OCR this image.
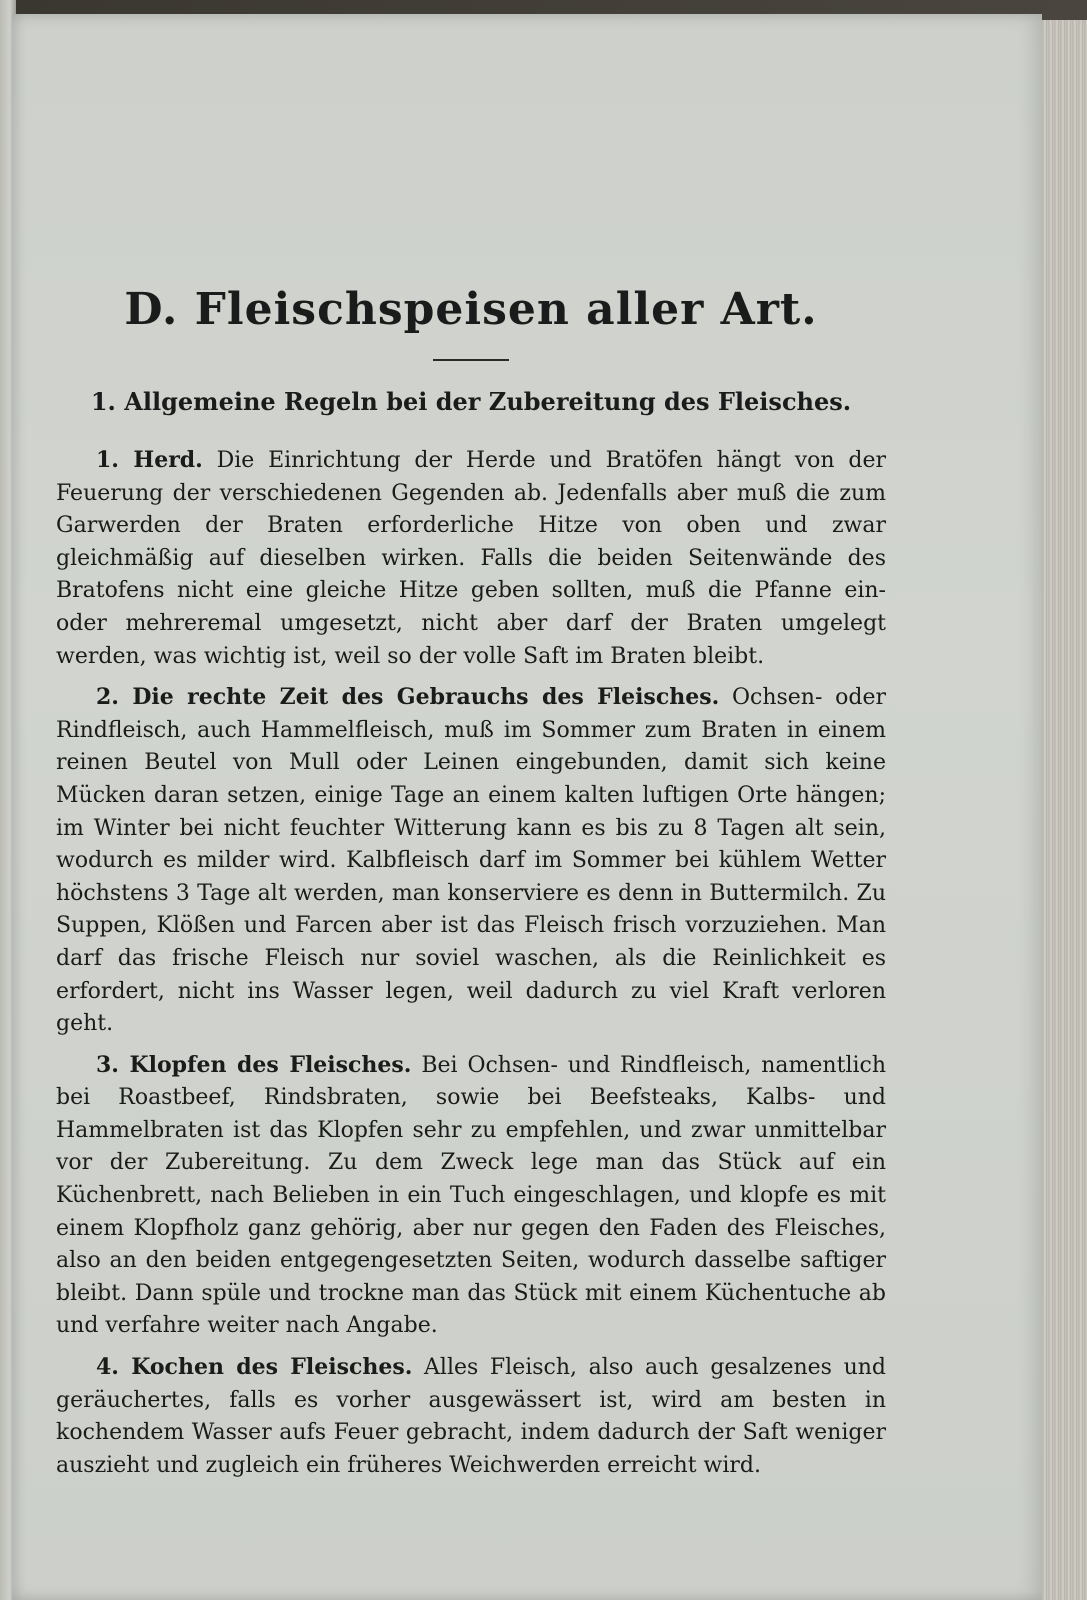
D. Fleischspeisen aller Art.
1. Allgemeine Regeln bei der Zubereitung des Fleisches.

1. Herd. Die Einrichtung der Herde und Bratöfen hängt von der Feuerung der verschiedenen Gegenden ab. Jedenfalls aber muß die zum Garwerden der Braten erforderliche Hitze von oben und zwar gleichmäßig auf dieselben wirken. Falls die beiden Seitenwände des Bratofens nicht eine gleiche Hitze geben sollten, muß die Pfanne ein- oder mehreremal umgesetzt, nicht aber darf der Braten umgelegt werden, was wichtig ist, weil so der volle Saft im Braten bleibt.

2. Die rechte Zeit des Gebrauchs des Fleisches. Ochsen- oder Rindfleisch, auch Hammelfleisch, muß im Sommer zum Braten in einem reinen Beutel von Mull oder Leinen eingebunden, damit sich keine Mücken daran setzen, einige Tage an einem kalten luftigen Orte hängen; im Winter bei nicht feuchter Witterung kann es bis zu 8 Tagen alt sein, wodurch es milder wird. Kalbfleisch darf im Sommer bei kühlem Wetter höchstens 3 Tage alt werden, man konserviere es denn in Buttermilch. Zu Suppen, Klößen und Farcen aber ist das Fleisch frisch vorzuziehen. Man darf das frische Fleisch nur soviel waschen, als die Reinlichkeit es erfordert, nicht ins Wasser legen, weil dadurch zu viel Kraft verloren geht.

3. Klopfen des Fleisches. Bei Ochsen- und Rindfleisch, namentlich bei Roastbeef, Rindsbraten, sowie bei Beefsteaks, Kalbs- und Hammelbraten ist das Klopfen sehr zu empfehlen, und zwar unmittelbar vor der Zubereitung. Zu dem Zweck lege man das Stück auf ein Küchenbrett, nach Belieben in ein Tuch eingeschlagen, und klopfe es mit einem Klopfholz ganz gehörig, aber nur gegen den Faden des Fleisches, also an den beiden entgegengesetzten Seiten, wodurch dasselbe saftiger bleibt. Dann spüle und trockne man das Stück mit einem Küchentuche ab und verfahre weiter nach Angabe.

4. Kochen des Fleisches. Alles Fleisch, also auch gesalzenes und geräuchertes, falls es vorher ausgewässert ist, wird am besten in kochendem Wasser aufs Feuer gebracht, indem dadurch der Saft weniger auszieht und zugleich ein früheres Weichwerden erreicht wird.
